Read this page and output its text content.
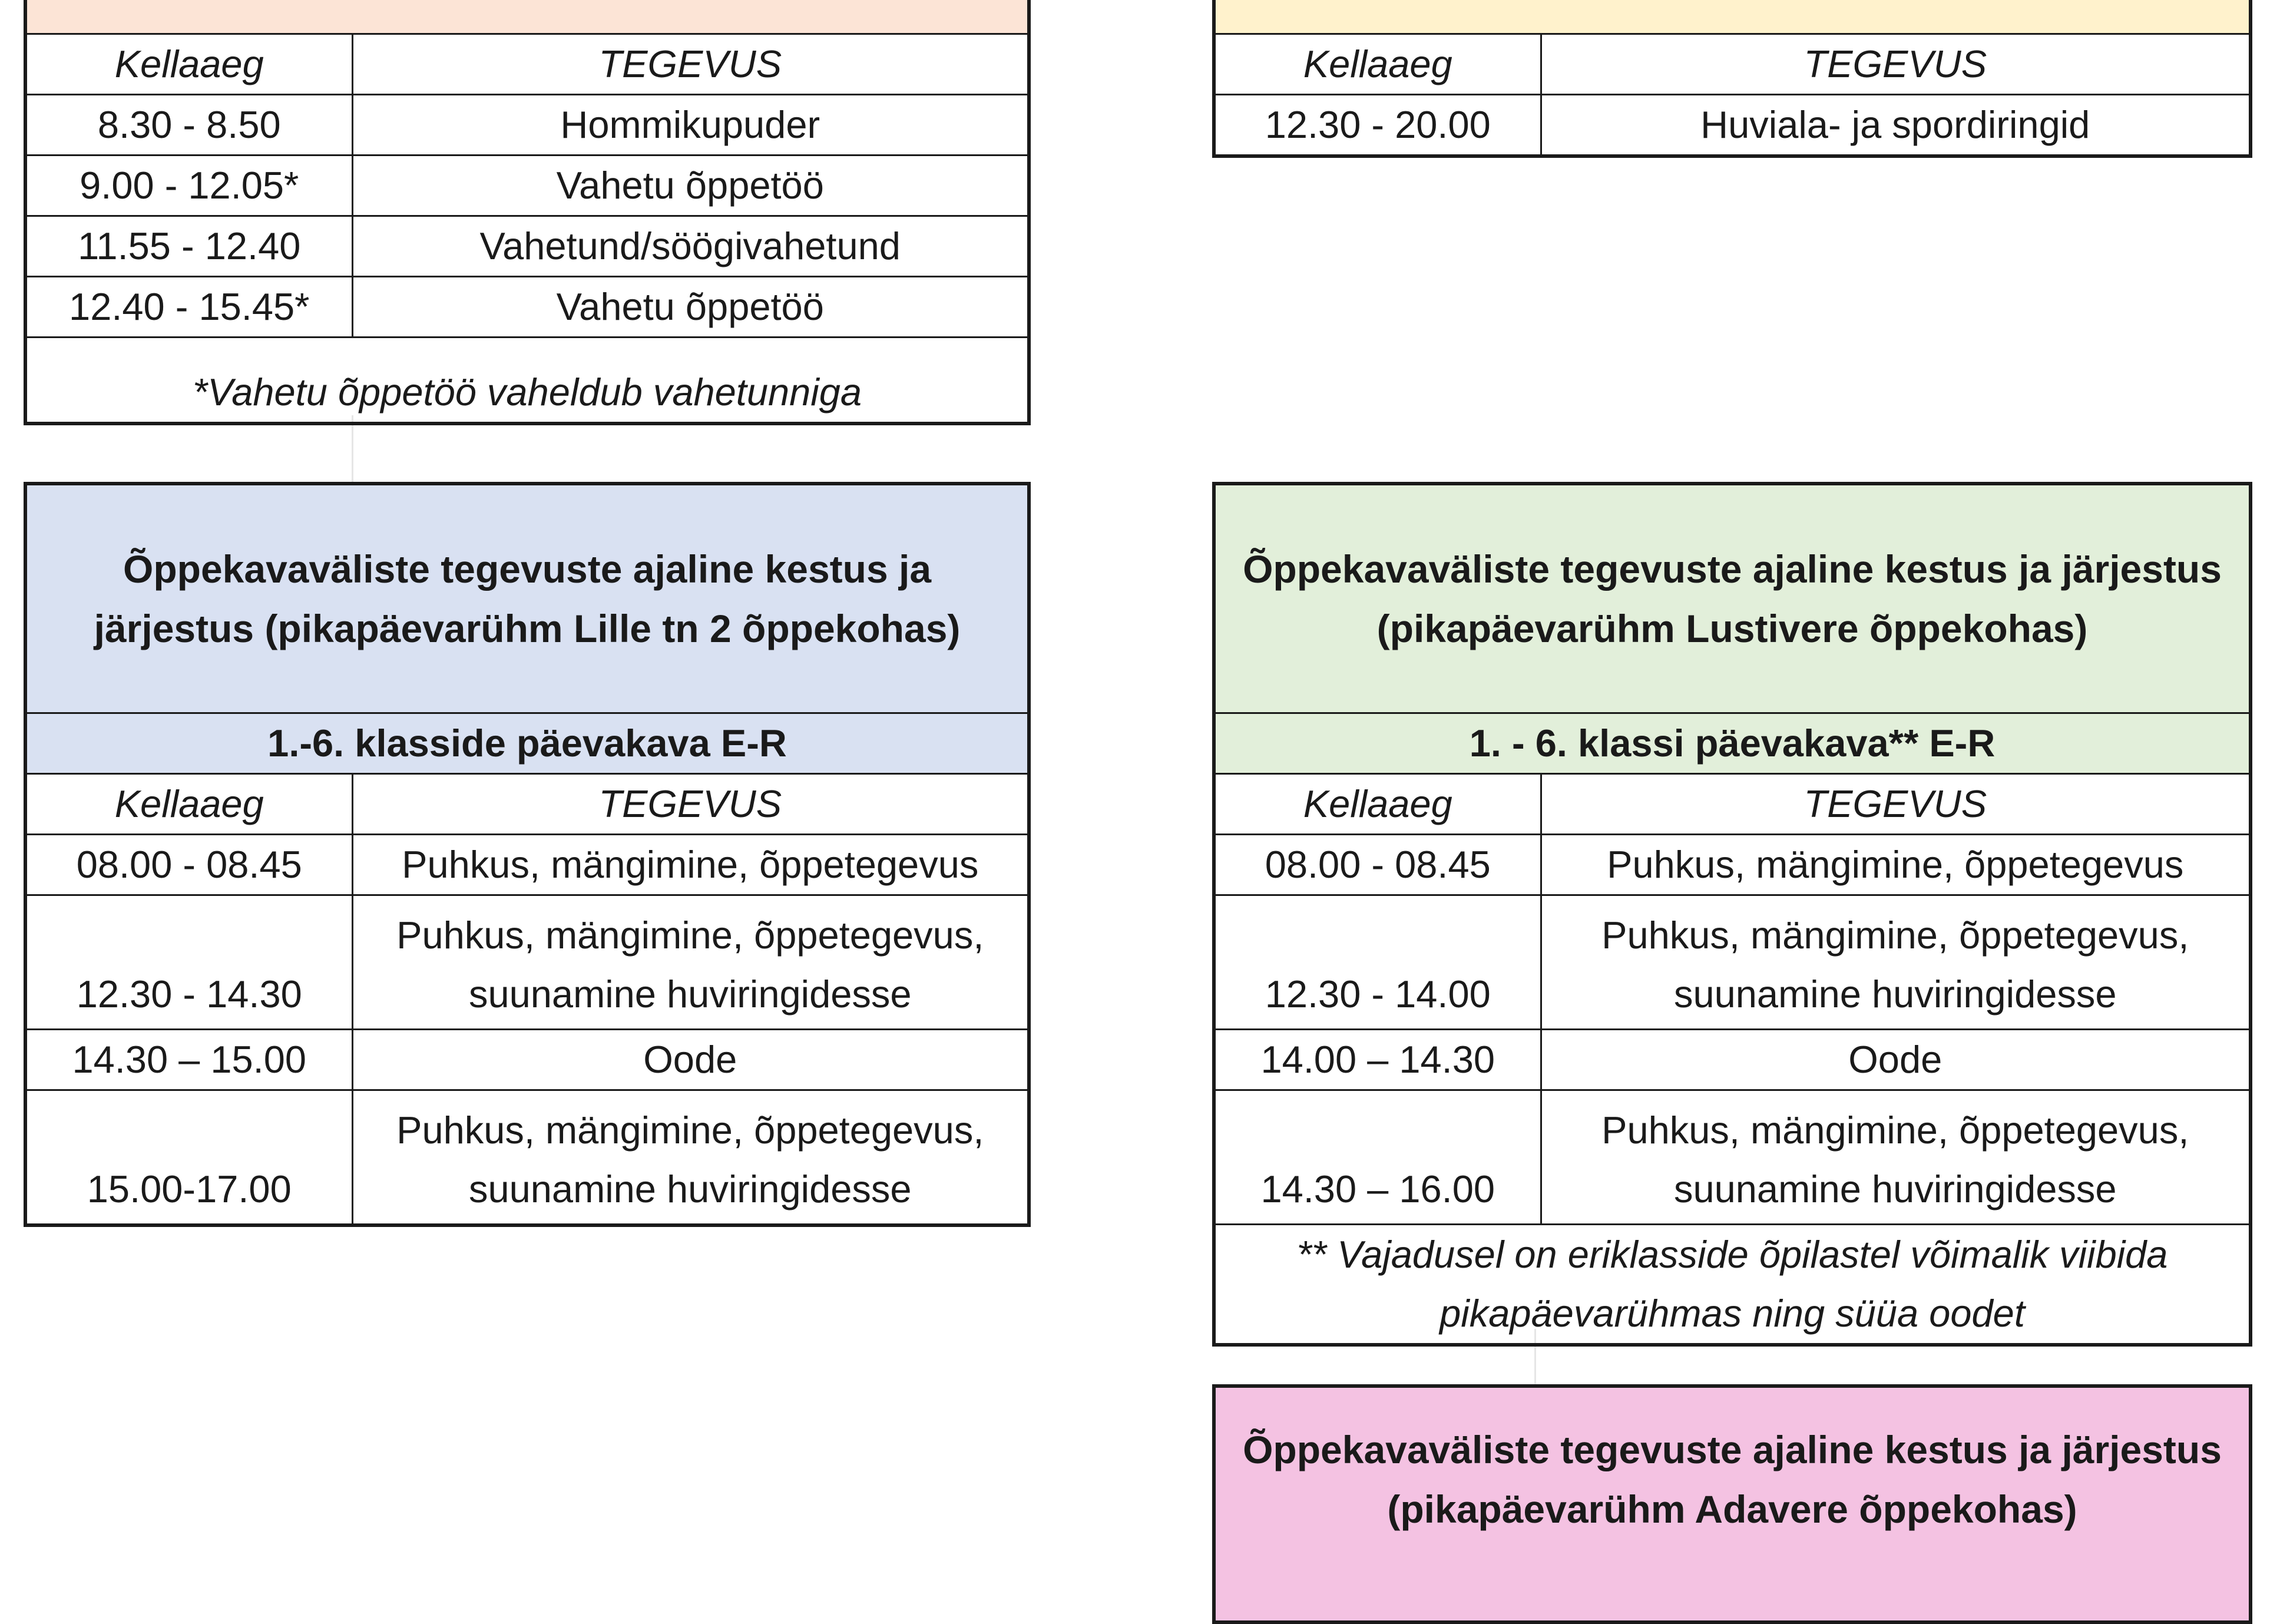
Kellaaeg	TEGEVUS
8.30 - 8.50	Hommikupuder
9.00 - 12.05*	Vahetu õppetöö
11.55 - 12.40	Vahetund/söögivahetund
12.40 - 15.45*	Vahetu õppetöö
*Vahetu õppetöö vaheldub vahetunniga	

Kellaaeg	TEGEVUS
12.30 - 20.00	Huviala- ja spordiringid
Õppekavaväliste tegevuste ajaline kestus ja
järjestus (pikapäevarühm Lille tn 2 õppekohas)	

1.-6. klasside päevakava E-R	
Kellaaeg	TEGEVUS
08.00 - 08.45	Puhkus, mängimine, õppetegevus
12.30 - 14.30	Puhkus, mängimine, õppetegevus,
suunamine huviringidesse

14.30 – 15.00	Oode
15.00-17.00	Puhkus, mängimine, õppetegevus,
suunamine huviringidesse
Õppekavaväliste tegevuste ajaline kestus ja järjestus
(pikapäevarühm Lustivere õppekohas)	

1. - 6. klassi päevakava** E-R	
Kellaaeg	TEGEVUS
08.00 - 08.45	Puhkus, mängimine, õppetegevus
12.30 - 14.00	Puhkus, mängimine, õppetegevus,
suunamine huviringidesse

14.00 – 14.30	Oode
14.30 – 16.00	Puhkus, mängimine, õppetegevus,
suunamine huviringidesse

** Vajadusel on eriklasside õpilastel võimalik viibida
pikapäevarühmas ning süüa oodet	
Õppekavaväliste tegevuste ajaline kestus ja järjestus
(pikapäevarühm Adavere õppekohas)
